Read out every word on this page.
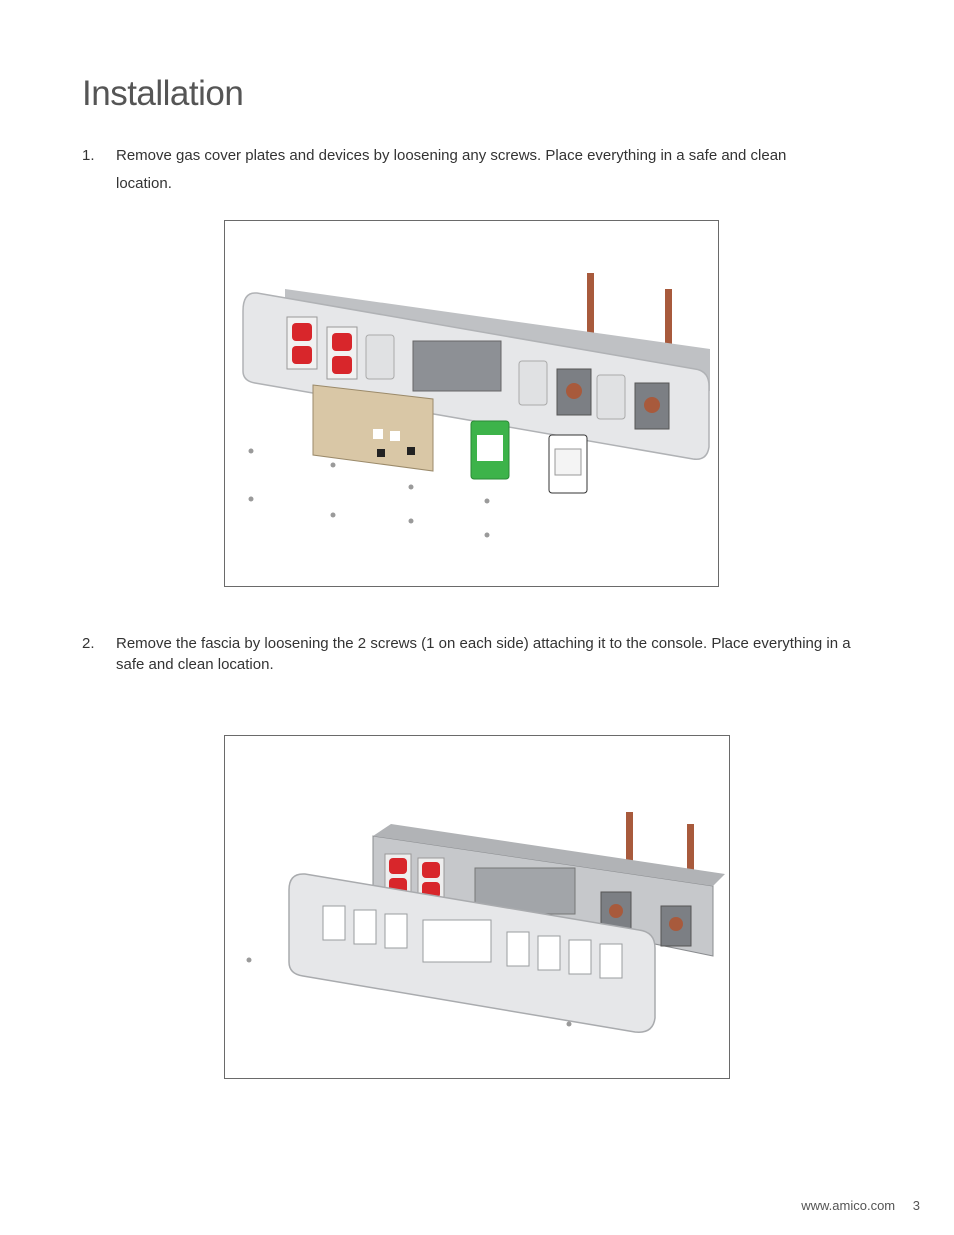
Installation
1.	Remove gas cover plates and devices by loosening any screws. Place everything in a safe and clean location.
2.	Remove the fascia by loosening the 2 screws (1 on each side) attaching it to the console. Place everything in a safe and clean location.
www.amico.com 3
